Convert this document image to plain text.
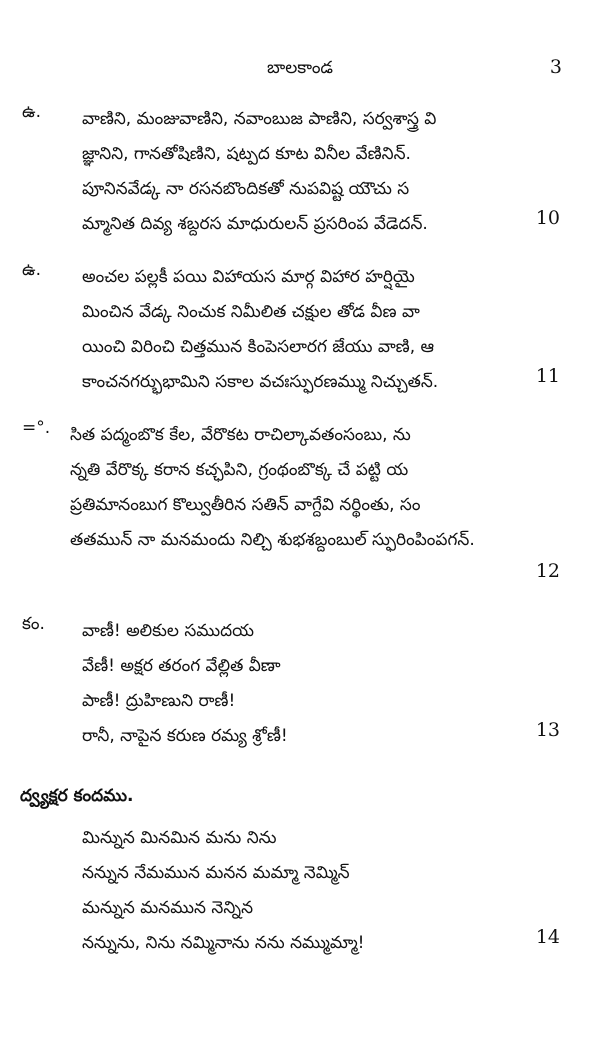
బాలకాండ	3
ఉ. వాణిని, మంజువాణిని, నవాంబుజ పాణిని, సర్వశాస్త్ర వి
జ్ఞానిని, గానతోషిణిని, షట్పద కూట వినీల వేణినిన్.
పూనినవేడ్క నా రసనబొందికతో నుపవిష్ట యౌచు స
మ్మానిత దివ్య శబ్దరస మాధురులన్ ప్రసరింప వేడెదన్.	10
ఉ. అంచల పల్లకీ పయి విహాయస మార్గ విహార హర్షియై
మించిన వేడ్క నించుక నిమీలిత చక్షుల తోడ వీణ వా
యించి విరించి చిత్తమున కింపెసలారగ జేయు వాణి, ఆ
కాంచనగర్భుభామిని సకాల వచఃస్ఫురణమ్ము నిచ్చుతన్.	11
=°. సిత పద్మంబొక కేల, వేరొకట రాచిల్కావతంసంబు, ను
న్నతి వేరొక్క కరాన కచ్ఛపిని, గ్రంథంబొక్క చే పట్టి య
ప్రతిమానంబుగ కొల్వుతీరిన సతిన్ వాగ్దేవి నర్థింతు, సం
తతమున్ నా మనమందు నిల్చి శుభశబ్దంబుల్ స్ఫురింపింపగన్.
12
కం. వాణీ! అలికుల సముదయ
వేణీ! అక్షర తరంగ వేల్లిత వీణా
పాణీ! ద్రుహిణుని రాణీ!
రానీ, నాపైన కరుణ రమ్య శ్రోణీ!	13
ద్వ్యక్షర కందము.
మిన్నున మినమిన మను నిను
నన్నున నేమమున మనన మమ్మా నెమ్మిన్
మన్నున మనమున నెన్నిన
నన్నును, నిను నమ్మినాను నను నమ్ముమ్మా!	14
